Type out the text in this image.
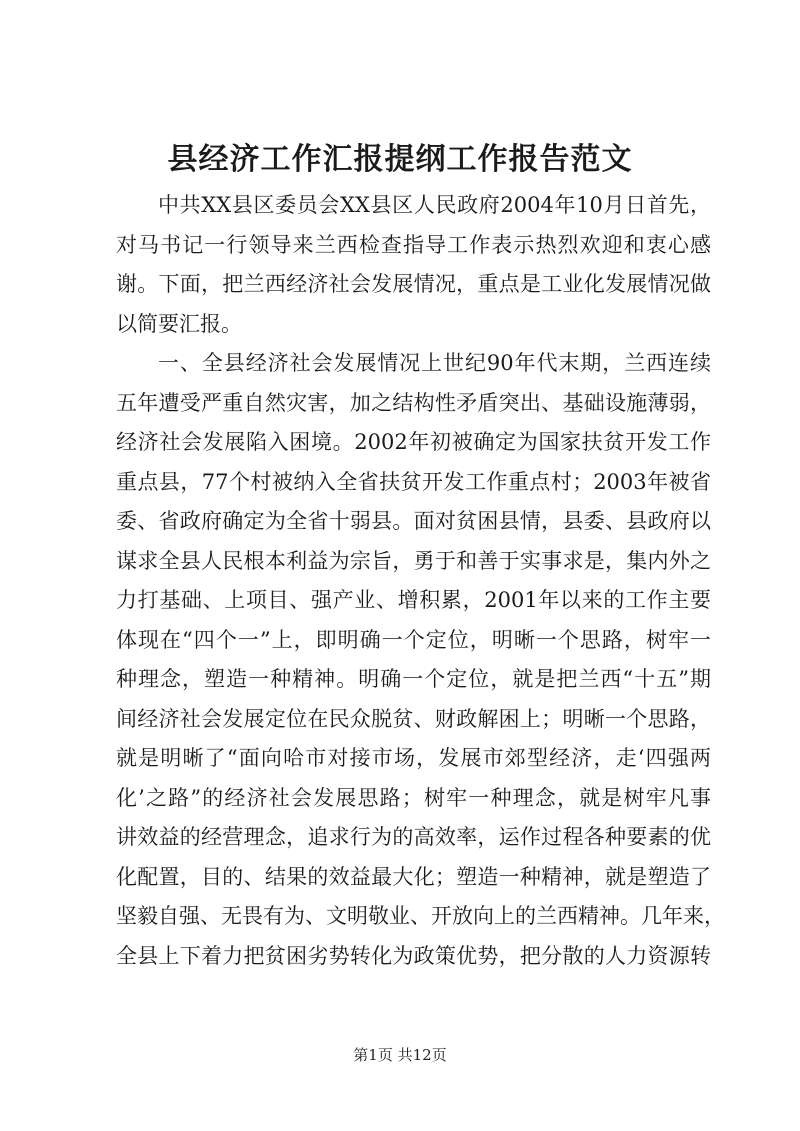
县经济工作汇报提纲工作报告范文
中共XX县区委员会XX县区人民政府2004年10月日首先，
对马书记一行领导来兰西检查指导工作表示热烈欢迎和衷心感
谢。下面，把兰西经济社会发展情况，重点是工业化发展情况做
以简要汇报。
一、全县经济社会发展情况上世纪90年代末期，兰西连续
五年遭受严重自然灾害，加之结构性矛盾突出、基础设施薄弱，
经济社会发展陷入困境。2002年初被确定为国家扶贫开发工作
重点县，77个村被纳入全省扶贫开发工作重点村；2003年被省
委、省政府确定为全省十弱县。面对贫困县情，县委、县政府以
谋求全县人民根本利益为宗旨，勇于和善于实事求是，集内外之
力打基础、上项目、强产业、增积累，2001年以来的工作主要
体现在“四个一”上，即明确一个定位，明晰一个思路，树牢一
种理念，塑造一种精神。明确一个定位，就是把兰西“十五”期
间经济社会发展定位在民众脱贫、财政解困上；明晰一个思路，
就是明晰了“面向哈市对接市场，发展市郊型经济，走‘四强两
化’之路”的经济社会发展思路；树牢一种理念，就是树牢凡事
讲效益的经营理念，追求行为的高效率，运作过程各种要素的优
化配置，目的、结果的效益最大化；塑造一种精神，就是塑造了
坚毅自强、无畏有为、文明敬业、开放向上的兰西精神。几年来，
全县上下着力把贫困劣势转化为政策优势，把分散的人力资源转
第1页 共12页
